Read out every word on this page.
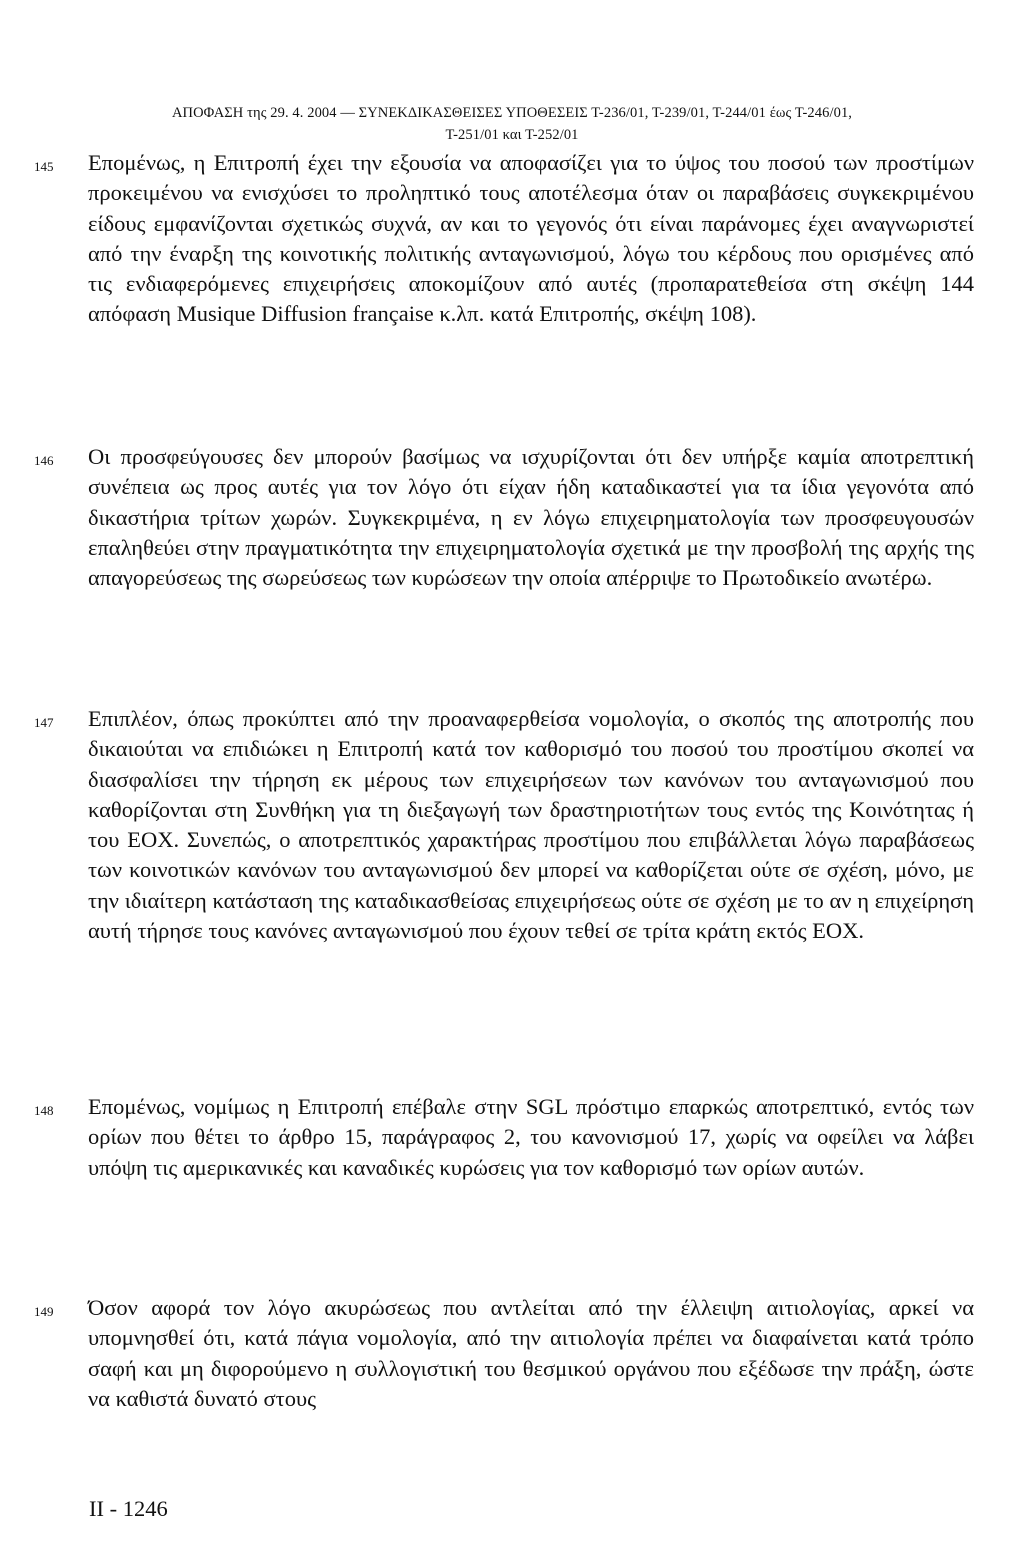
ΑΠΟΦΑΣΗ της 29. 4. 2004 — ΣΥΝΕΚΔΙΚΑΣΘΕΙΣΕΣ ΥΠΟΘΕΣΕΙΣ Τ-236/01, Τ-239/01, Τ-244/01 έως Τ-246/01,
Τ-251/01 και Τ-252/01
145	Επομένως, η Επιτροπή έχει την εξουσία να αποφασίζει για το ύψος του ποσού των προστίμων προκειμένου να ενισχύσει το προληπτικό τους αποτέλεσμα όταν οι παραβάσεις συγκεκριμένου είδους εμφανίζονται σχετικώς συχνά, αν και το γεγονός ότι είναι παράνομες έχει αναγνωριστεί από την έναρξη της κοινοτικής πολιτικής ανταγωνισμού, λόγω του κέρδους που ορισμένες από τις ενδιαφερόμενες επιχειρήσεις αποκομίζουν από αυτές (προπαρατεθείσα στη σκέψη 144 απόφαση Musique Diffusion française κ.λπ. κατά Επιτροπής, σκέψη 108).
146	Οι προσφεύγουσες δεν μπορούν βασίμως να ισχυρίζονται ότι δεν υπήρξε καμία αποτρεπτική συνέπεια ως προς αυτές για τον λόγο ότι είχαν ήδη καταδικαστεί για τα ίδια γεγονότα από δικαστήρια τρίτων χωρών. Συγκεκριμένα, η εν λόγω επιχειρηματολογία των προσφευγουσών επαληθεύει στην πραγματικότητα την επιχειρηματολογία σχετικά με την προσβολή της αρχής της απαγορεύσεως της σωρεύσεως των κυρώσεων την οποία απέρριψε το Πρωτοδικείο ανωτέρω.
147	Επιπλέον, όπως προκύπτει από την προαναφερθείσα νομολογία, ο σκοπός της αποτροπής που δικαιούται να επιδιώκει η Επιτροπή κατά τον καθορισμό του ποσού του προστίμου σκοπεί να διασφαλίσει την τήρηση εκ μέρους των επιχειρήσεων των κανόνων του ανταγωνισμού που καθορίζονται στη Συνθήκη για τη διεξαγωγή των δραστηριοτήτων τους εντός της Κοινότητας ή του ΕΟΧ. Συνεπώς, ο αποτρεπτικός χαρακτήρας προστίμου που επιβάλλεται λόγω παραβάσεως των κοινοτικών κανόνων του ανταγωνισμού δεν μπορεί να καθορίζεται ούτε σε σχέση, μόνο, με την ιδιαίτερη κατάσταση της καταδικασθείσας επιχειρήσεως ούτε σε σχέση με το αν η επιχείρηση αυτή τήρησε τους κανόνες ανταγωνισμού που έχουν τεθεί σε τρίτα κράτη εκτός ΕΟΧ.
148	Επομένως, νομίμως η Επιτροπή επέβαλε στην SGL πρόστιμο επαρκώς αποτρεπτικό, εντός των ορίων που θέτει το άρθρο 15, παράγραφος 2, του κανονισμού 17, χωρίς να οφείλει να λάβει υπόψη τις αμερικανικές και καναδικές κυρώσεις για τον καθορισμό των ορίων αυτών.
149	Όσον αφορά τον λόγο ακυρώσεως που αντλείται από την έλλειψη αιτιολογίας, αρκεί να υπομνησθεί ότι, κατά πάγια νομολογία, από την αιτιολογία πρέπει να διαφαίνεται κατά τρόπο σαφή και μη διφορούμενο η συλλογιστική του θεσμικού οργάνου που εξέδωσε την πράξη, ώστε να καθιστά δυνατό στους
II - 1246
